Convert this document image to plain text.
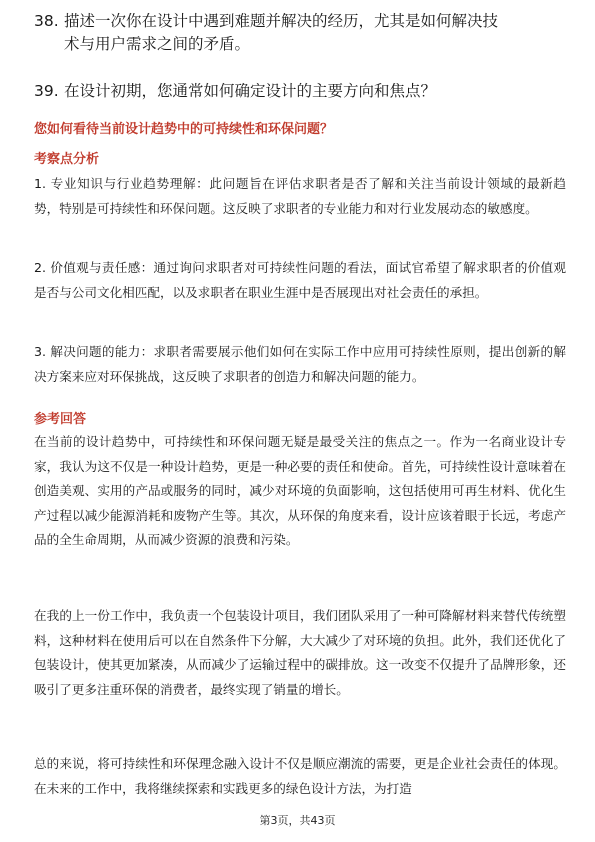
38. 描述一次你在设计中遇到难题并解决的经历，尤其是如何解决技
术与用户需求之间的矛盾。
39. 在设计初期，您通常如何确定设计的主要方向和焦点？

您如何看待当前设计趋势中的可持续性和环保问题？

考察点分析

1. 专业知识与行业趋势理解：此问题旨在评估求职者是否了解和关注当前设计领域的最新趋势，特别是可持续性和环保问题。这反映了求职者的专业能力和对行业发展动态的敏感度。

2. 价值观与责任感：通过询问求职者对可持续性问题的看法，面试官希望了解求职者的价值观是否与公司文化相匹配，以及求职者在职业生涯中是否展现出对社会责任的承担。

3. 解决问题的能力：求职者需要展示他们如何在实际工作中应用可持续性原则，提出创新的解决方案来应对环保挑战，这反映了求职者的创造力和解决问题的能力。

参考回答

在当前的设计趋势中，可持续性和环保问题无疑是最受关注的焦点之一。作为一名商业设计专家，我认为这不仅是一种设计趋势，更是一种必要的责任和使命。首先，可持续性设计意味着在创造美观、实用的产品或服务的同时，减少对环境的负面影响，这包括使用可再生材料、优化生产过程以减少能源消耗和废物产生等。其次，从环保的角度来看，设计应该着眼于长远，考虑产品的全生命周期，从而减少资源的浪费和污染。

在我的上一份工作中，我负责一个包装设计项目，我们团队采用了一种可降解材料来替代传统塑料，这种材料在使用后可以在自然条件下分解，大大减少了对环境的负担。此外，我们还优化了包装设计，使其更加紧凑，从而减少了运输过程中的碳排放。这一改变不仅提升了品牌形象，还吸引了更多注重环保的消费者，最终实现了销量的增长。

总的来说，将可持续性和环保理念融入设计不仅是顺应潮流的需要，更是企业社会责任的体现。在未来的工作中，我将继续探索和实践更多的绿色设计方法，为打造

第3页，共43页
